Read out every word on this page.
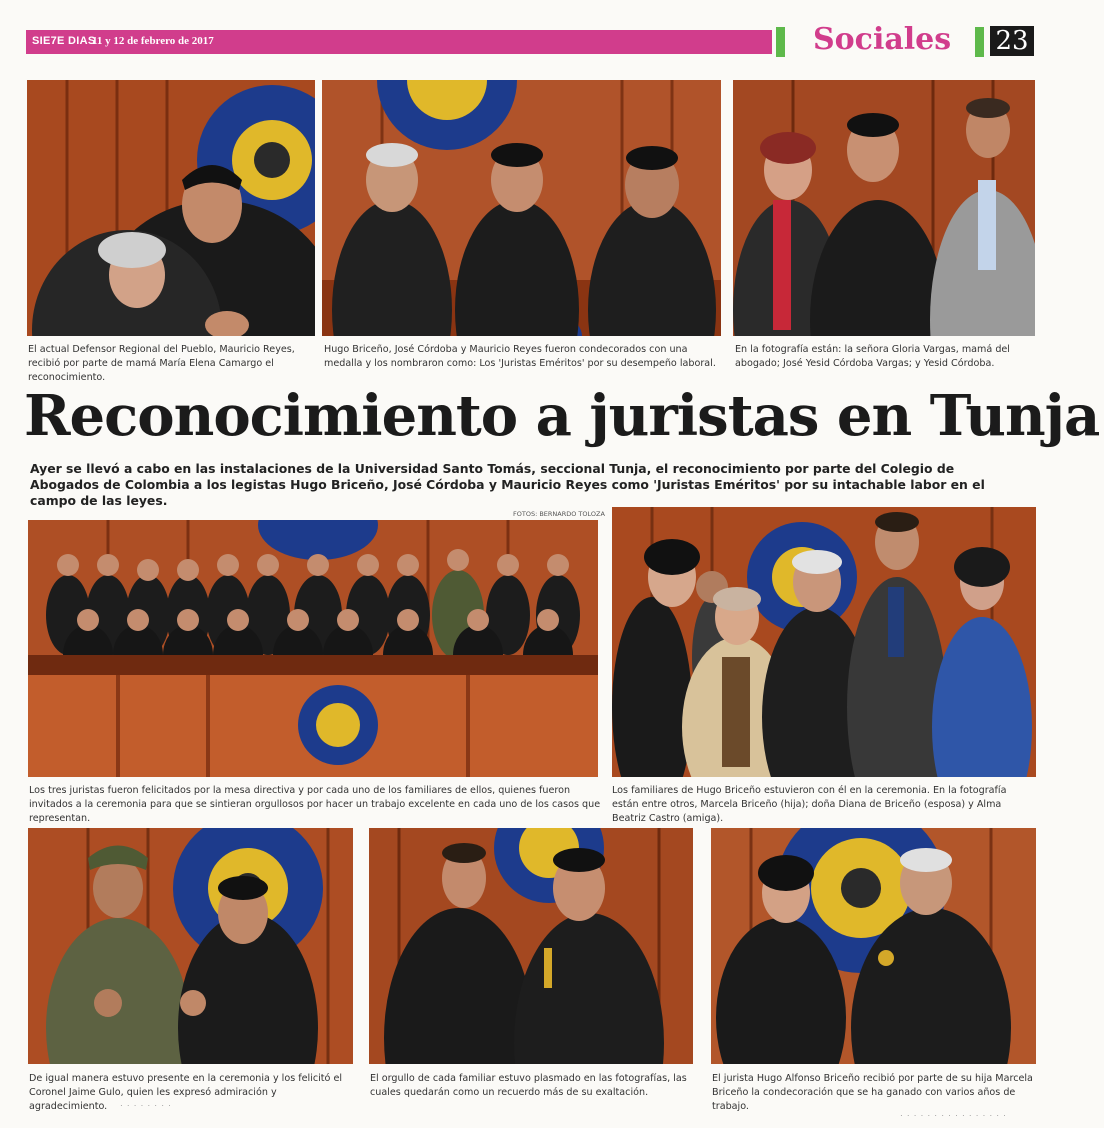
SIE7E DIAS
11 y 12 de febrero de 2017	Sociales 23
El actual Defensor Regional del Pueblo, Mauricio Reyes, recibió por parte de mamá María Elena Camargo el reconocimiento.
Hugo Briceño, José Córdoba y Mauricio Reyes fueron condecorados con una medalla y los nombraron como: Los 'Juristas Eméritos' por su desempeño laboral.
En la fotografía están: la señora Gloria Vargas, mamá del abogado; José Yesid Córdoba Vargas; y Yesid Córdoba.
Reconocimiento a juristas en Tunja
Ayer se llevó a cabo en las instalaciones de la Universidad Santo Tomás, seccional Tunja, el reconocimiento por parte del Colegio de Abogados de Colombia a los legistas Hugo Briceño, José Córdoba y Mauricio Reyes como 'Juristas Eméritos' por su intachable labor en el campo de las leyes.
FOTOS: BERNARDO TOLOZA
Los tres juristas fueron felicitados por la mesa directiva y por cada uno de los familiares de ellos, quienes fueron invitados a la ceremonia para que se sintieran orgullosos por hacer un trabajo excelente en cada uno de los casos que representan.
Los familiares de Hugo Briceño estuvieron con él en la ceremonia. En la fotografía están entre otros, Marcela Briceño (hija); doña Diana de Briceño (esposa) y Alma Beatriz Castro (amiga).
De igual manera estuvo presente en la ceremonia y los felicitó el Coronel Jaime Gulo, quien les expresó admiración y agradecimiento.
El orgullo de cada familiar estuvo plasmado en las fotografías, las cuales quedarán como un recuerdo más de su exaltación.
El jurista Hugo Alfonso Briceño recibió por parte de su hija Marcela Briceño la condecoración que se ha ganado con varios años de trabajo.
· · · · · · · ·
· · · · · · · · · · · · · · · ·
